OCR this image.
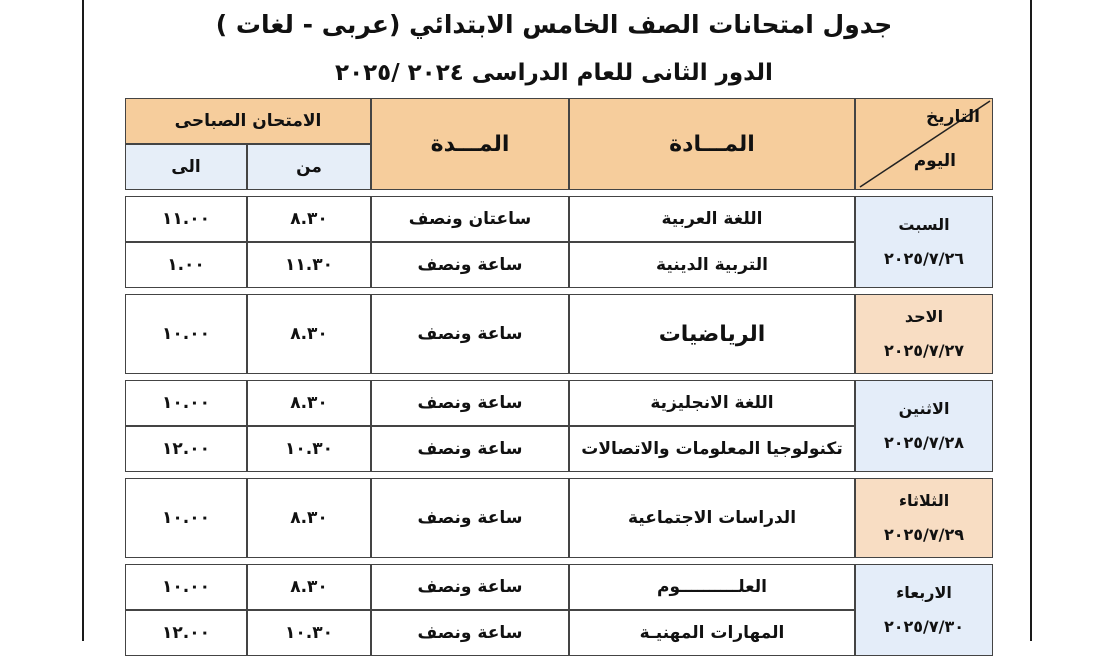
جدول امتحانات الصف الخامس الابتدائي (عربى - لغات )
الدور الثانى للعام الدراسى ٢٠٢٤ /٢٠٢٥
الامتحان الصباحى		المـــدة	المـــادة	التاريخ
اليوم

الى	من			

١١.٠٠	٨.٣٠	ساعتان ونصف	اللغة العربية	السبت
٢٠٢٥/٧/٢٦

١.٠٠	١١.٣٠	ساعة ونصف	التربية الدينية	

١٠.٠٠	٨.٣٠	ساعة ونصف	الرياضيات	الاحد
٢٠٢٥/٧/٢٧

١٠.٠٠	٨.٣٠	ساعة ونصف	اللغة الانجليزية	الاثنين
٢٠٢٥/٧/٢٨

١٢.٠٠	١٠.٣٠	ساعة ونصف	تكنولوجيا المعلومات والاتصالات	

١٠.٠٠	٨.٣٠	ساعة ونصف	الدراسات الاجتماعية	الثلاثاء
٢٠٢٥/٧/٢٩

١٠.٠٠	٨.٣٠	ساعة ونصف	العلــــــــــوم	الاربعاء
٢٠٢٥/٧/٣٠

١٢.٠٠	١٠.٣٠	ساعة ونصف	المهارات المهنيـة	
